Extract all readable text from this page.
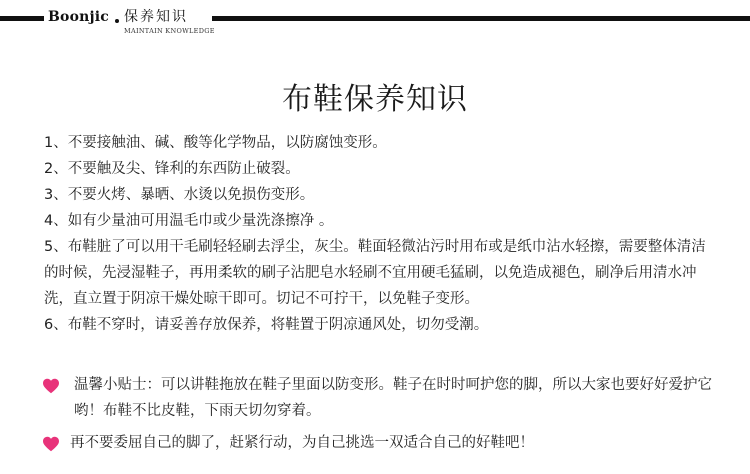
Boonjic 保养知识
MAINTAIN KNOWLEDGE
布鞋保养知识
1、不要接触油、碱、酸等化学物品，以防腐蚀变形。
2、不要触及尖、锋利的东西防止破裂。
3、不要火烤、暴晒、水烫以免损伤变形。
4、如有少量油可用温毛巾或少量洗涤擦净 。
5、布鞋脏了可以用干毛刷轻轻刷去浮尘，灰尘。鞋面轻微沾污时用布或是纸巾沾水轻擦，需要整体清洁的时候，先浸湿鞋子，再用柔软的刷子沾肥皂水轻刷不宜用硬毛猛刷，以免造成褪色，刷净后用清水冲洗，直立置于阴凉干燥处晾干即可。切记不可拧干，以免鞋子变形。
6、布鞋不穿时，请妥善存放保养，将鞋置于阴凉通风处，切勿受潮。
温馨小贴士：可以讲鞋拖放在鞋子里面以防变形。鞋子在时时呵护您的脚，所以大家也要好好爱护它哟！布鞋不比皮鞋，下雨天切勿穿着。
再不要委屈自己的脚了，赶紧行动，为自己挑选一双适合自己的好鞋吧！
